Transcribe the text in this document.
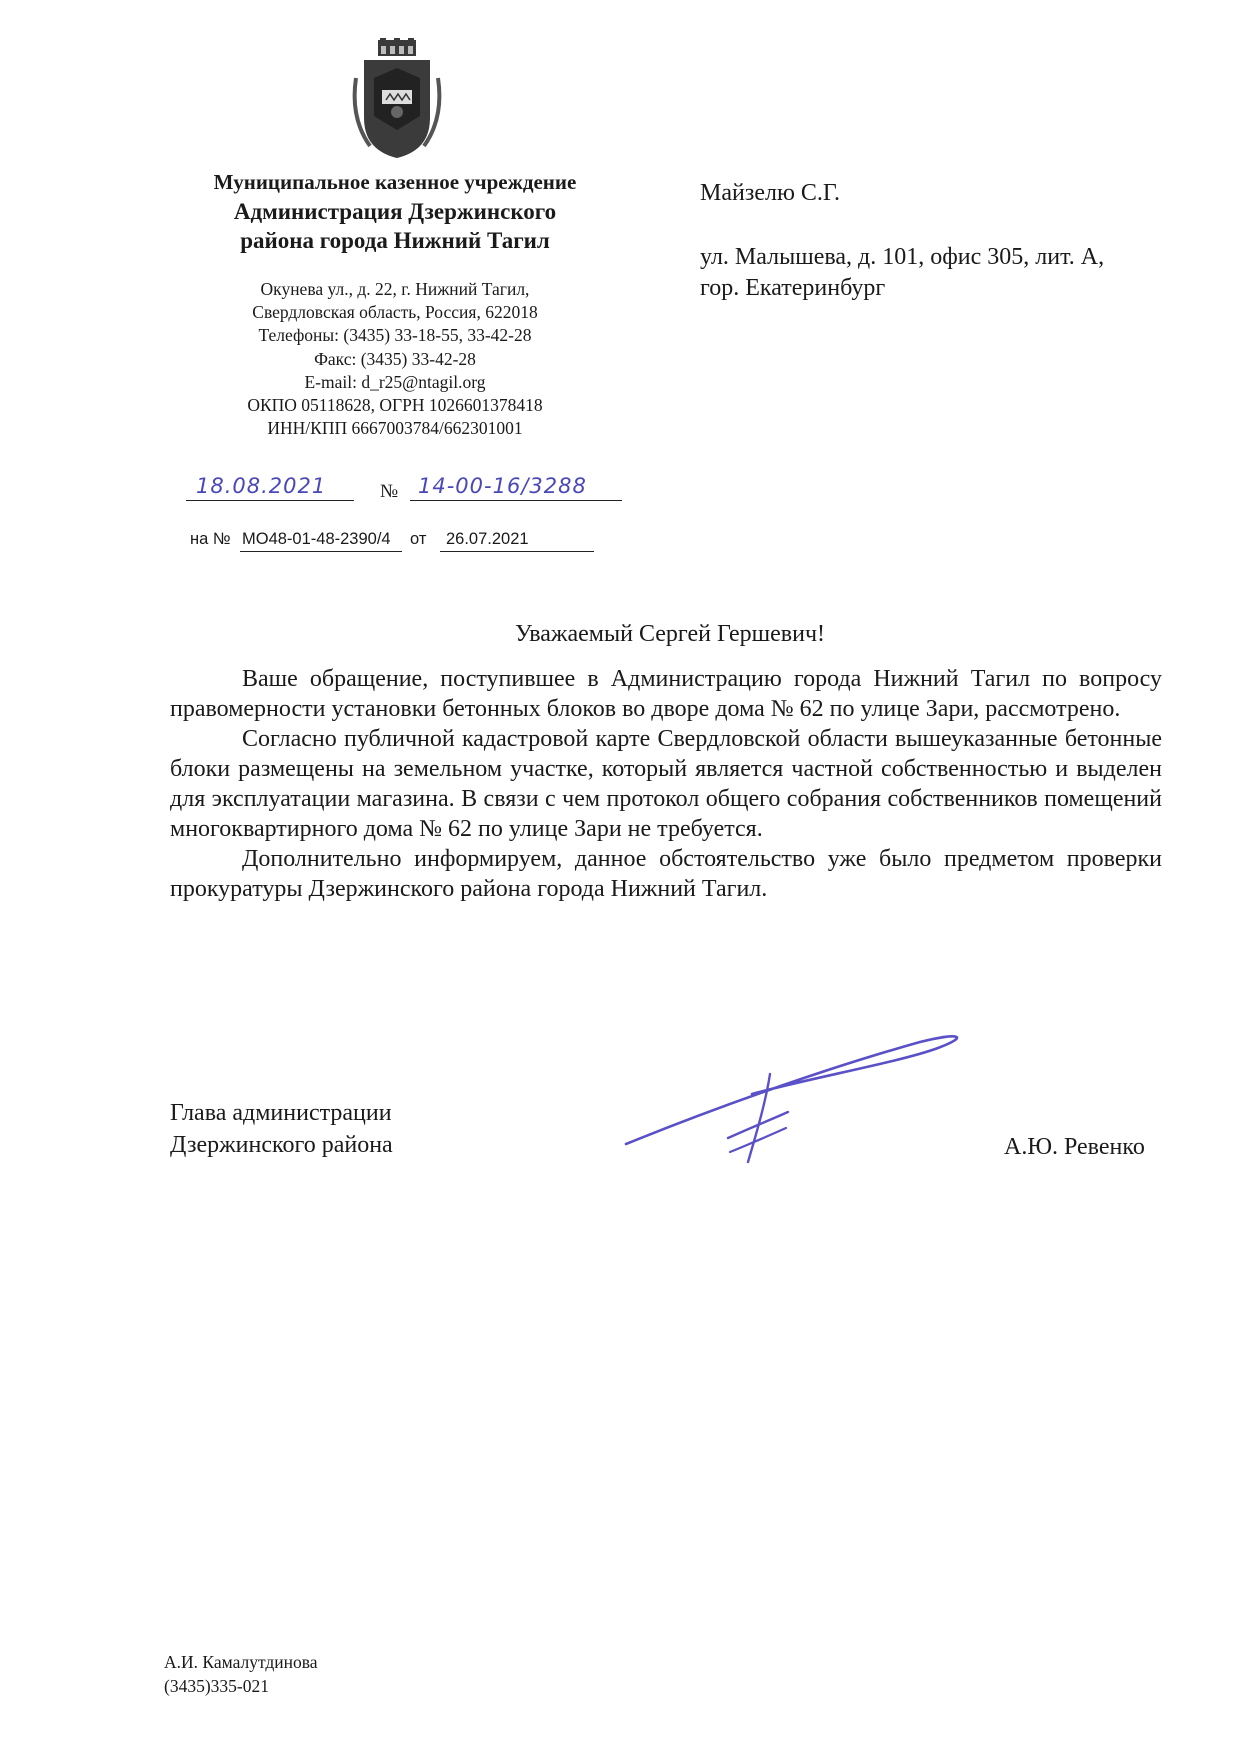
Муниципальное казенное учреждение
Администрация Дзержинского
района города Нижний Тагил
Окунева ул., д. 22, г. Нижний Тагил,
Свердловская область, Россия, 622018
Телефоны: (3435) 33-18-55, 33-42-28
Факс: (3435) 33-42-28
E-mail: d_r25@ntagil.org
ОКПО 05118628, ОГРН 1026601378418
ИНН/КПП 6667003784/662301001
18.08.2021	№ 14-00-16/3288
на № МО48-01-48-2390/4 от 26.07.2021
Майзелю С.Г.
ул. Малышева, д. 101, офис 305, лит. А,
гор. Екатеринбург
Уважаемый Сергей Гершевич!

Ваше обращение, поступившее в Администрацию города Нижний Тагил по вопросу правомерности установки бетонных блоков во дворе дома № 62 по улице Зари, рассмотрено.

Согласно публичной кадастровой карте Свердловской области вышеуказанные бетонные блоки размещены на земельном участке, который является частной собственностью и выделен для эксплуатации магазина. В связи с чем протокол общего собрания собственников помещений многоквартирного дома № 62 по улице Зари не требуется.

Дополнительно информируем, данное обстоятельство уже было предметом проверки прокуратуры Дзержинского района города Нижний Тагил.

Глава администрации
Дзержинского района	А.Ю. Ревенко
А.И. Камалутдинова
(3435)335-021
